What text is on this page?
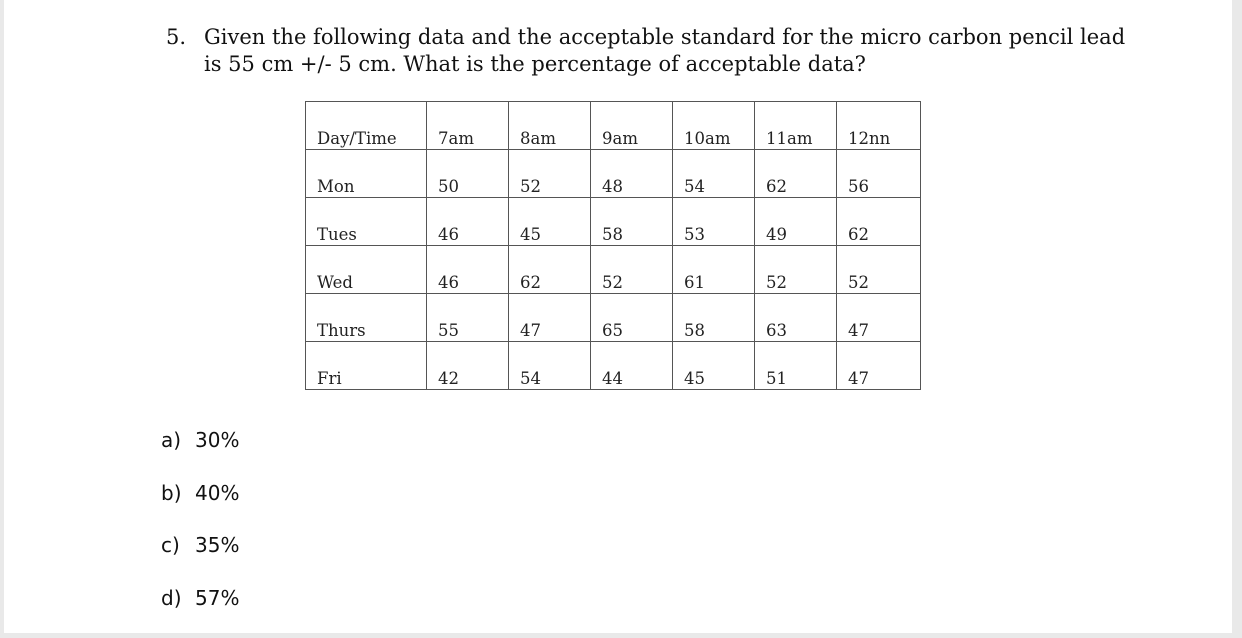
5. Given the following data and the acceptable standard for the micro carbon pencil lead
is 55 cm +/- 5 cm. What is the percentage of acceptable data?
Day/Time	7am	8am	9am	10am	11am	12nn
Mon	50	52	48	54	62	56
Tues	46	45	58	53	49	62
Wed	46	62	52	61	52	52
Thurs	55	47	65	58	63	47
Fri	42	54	44	45	51	47
a) 30%
b) 40%
c) 35%
d) 57%
